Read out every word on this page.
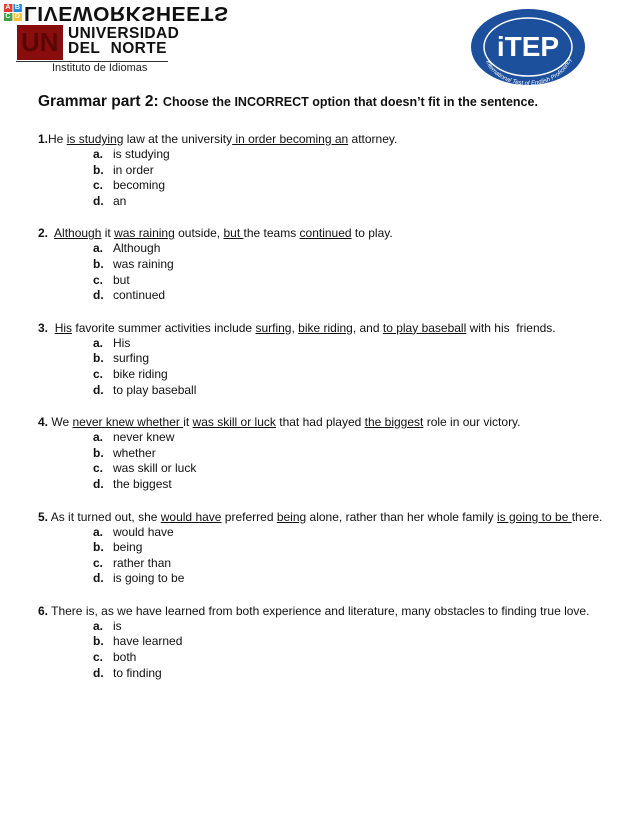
A B
C D LIVEWORKSHEETS
UN UNIVERSIDAD
DEL NORTE
Instituto de Idiomas
iTEP
International Test of English Proficiency
Grammar part 2: Choose the INCORRECT option that doesn’t fit in the sentence.
1.He is studying law at the university in order becoming an attorney.
a. is studying
b. in order
c. becoming
d. an
2. Although it was raining outside, but the teams continued to play.
a. Although
b. was raining
c. but
d. continued
3. His favorite summer activities include surfing, bike riding, and to play baseball with his  friends.
a. His
b. surfing
c. bike riding
d. to play baseball
4. We never knew whether it was skill or luck that had played the biggest role in our victory.
a. never knew
b. whether
c. was skill or luck
d. the biggest
5. As it turned out, she would have preferred being alone, rather than her whole family is going to be there.
a. would have
b. being
c. rather than
d. is going to be
6. There is, as we have learned from both experience and literature, many obstacles to finding true love.
a. is
b. have learned
c. both
d. to finding
